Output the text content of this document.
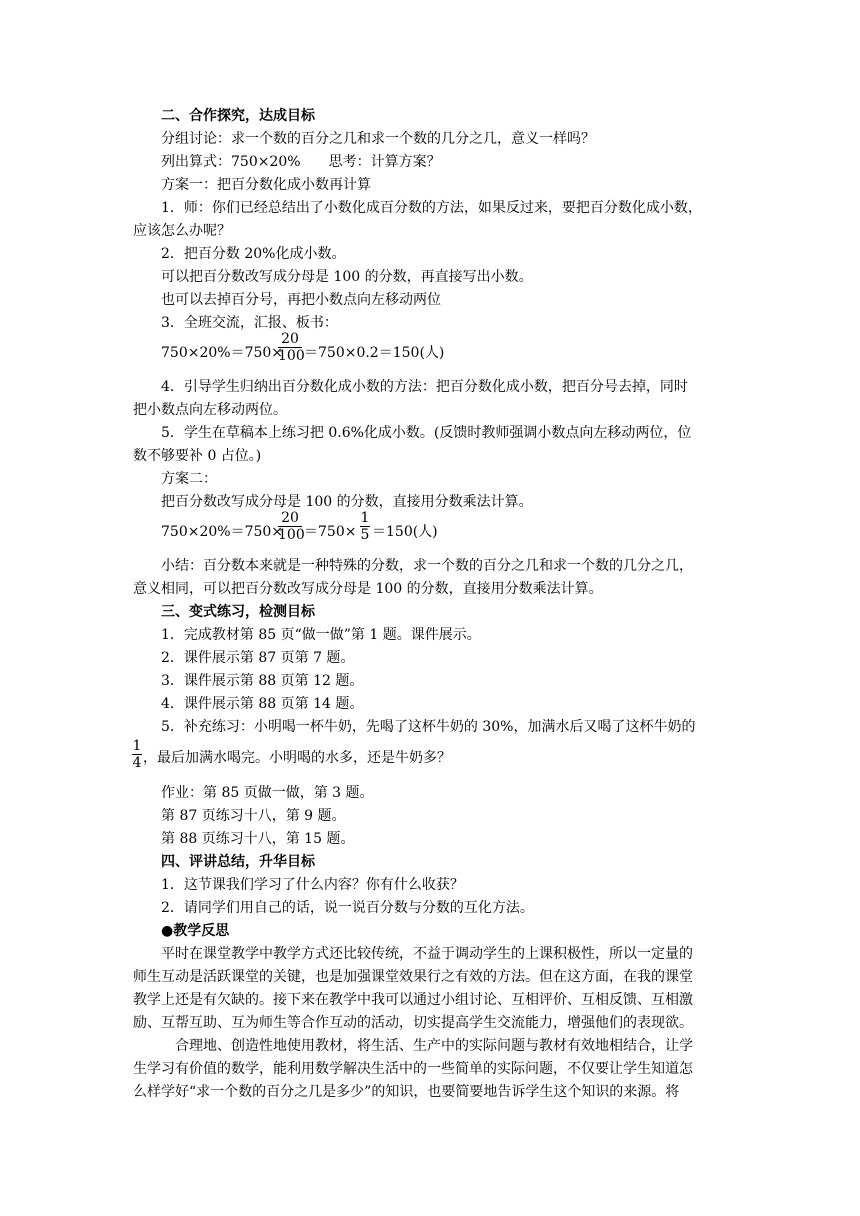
二、合作探究，达成目标
分组讨论：求一个数的百分之几和求一个数的几分之几，意义一样吗？
列出算式：750×20%　　思考：计算方案？
方案一：把百分数化成小数再计算
1．师：你们已经总结出了小数化成百分数的方法，如果反过来，要把百分数化成小数，
应该怎么办呢？
2．把百分数 20%化成小数。
可以把百分数改写成分母是 100 的分数，再直接写出小数。
也可以去掉百分号，再把小数点向左移动两位
3．全班交流，汇报、板书：
750×20%＝750×
$\frac{20}{100} =750\times 0.2=150$(人)
4．引导学生归纳出百分数化成小数的方法：把百分数化成小数，把百分号去掉，同时
把小数点向左移动两位。
5．学生在草稿本上练习把 0.6%化成小数。(反馈时教师强调小数点向左移动两位，位
数不够要补 0 占位。)
方案二：
把百分数改写成分母是 100 的分数，直接用分数乘法计算。
750×20%＝750×
$\frac{20}{100} =750\times \frac{1}{5} =150$(人)
小结：百分数本来就是一种特殊的分数，求一个数的百分之几和求一个数的几分之几，
意义相同，可以把百分数改写成分母是 100 的分数，直接用分数乘法计算。
三、变式练习，检测目标
1．完成教材第 85 页“做一做”第 1 题。课件展示。
2．课件展示第 87 页第 7 题。
3．课件展示第 88 页第 12 题。
4．课件展示第 88 页第 14 题。
5．补充练习：小明喝一杯牛奶，先喝了这杯牛奶的 30%，加满水后又喝了这杯牛奶的
$\frac{1}{4}$ ，最后加满水喝完。小明喝的水多，还是牛奶多？
作业：第 85 页做一做，第 3 题。
第 87 页练习十八，第 9 题。
第 88 页练习十八，第 15 题。
四、评讲总结，升华目标
1．这节课我们学习了什么内容？你有什么收获？
2．请同学们用自己的话，说一说百分数与分数的互化方法。
●教学反思
平时在课堂教学中教学方式还比较传统，不益于调动学生的上课积极性，所以一定量的
师生互动是活跃课堂的关键，也是加强课堂效果行之有效的方法。但在这方面，在我的课堂
教学上还是有欠缺的。接下来在教学中我可以通过小组讨论、互相评价、互相反馈、互相激
励、互帮互助、互为师生等合作互动的活动，切实提高学生交流能力，增强他们的表现欲。
合理地、创造性地使用教材，将生活、生产中的实际问题与教材有效地相结合，让学
生学习有价值的数学，能利用数学解决生活中的一些简单的实际问题，不仅要让学生知道怎
么样学好“求一个数的百分之几是多少”的知识，也要简要地告诉学生这个知识的来源。将
